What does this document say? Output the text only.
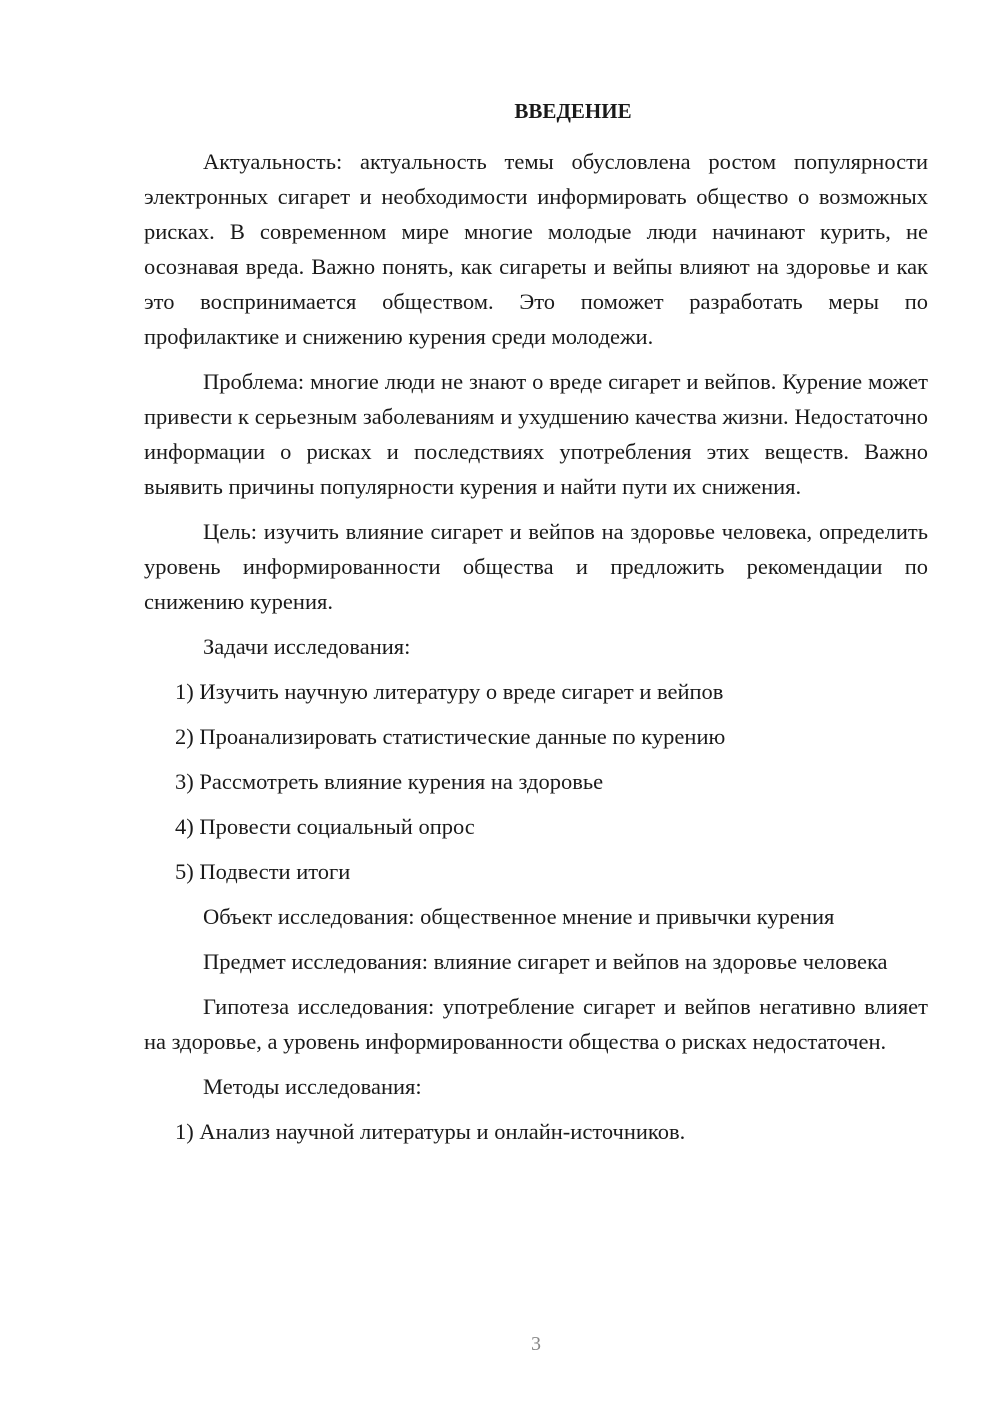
ВВЕДЕНИЕ

Актуальность: актуальность темы обусловлена ростом популярности электронных сигарет и необходимости информировать общество о возможных рисках. В современном мире многие молодые люди начинают курить, не осознавая вреда. Важно понять, как сигареты и вейпы влияют на здоровье и как это воспринимается обществом. Это поможет разработать меры по профилактике и снижению курения среди молодежи.

Проблема: многие люди не знают о вреде сигарет и вейпов. Курение может привести к серьезным заболеваниям и ухудшению качества жизни. Недостаточно информации о рисках и последствиях употребления этих веществ. Важно выявить причины популярности курения и найти пути их снижения.

Цель: изучить влияние сигарет и вейпов на здоровье человека, определить уровень информированности общества и предложить рекомендации по снижению курения.

Задачи исследования:

1) Изучить научную литературу о вреде сигарет и вейпов

2) Проанализировать статистические данные по курению

3) Рассмотреть влияние курения на здоровье

4) Провести социальный опрос

5) Подвести итоги

Объект исследования: общественное мнение и привычки курения

Предмет исследования: влияние сигарет и вейпов на здоровье человека

Гипотеза исследования: употребление сигарет и вейпов негативно влияет на здоровье, а уровень информированности общества о рисках недостаточен.

Методы исследования:

1) Анализ научной литературы и онлайн-источников.

3
